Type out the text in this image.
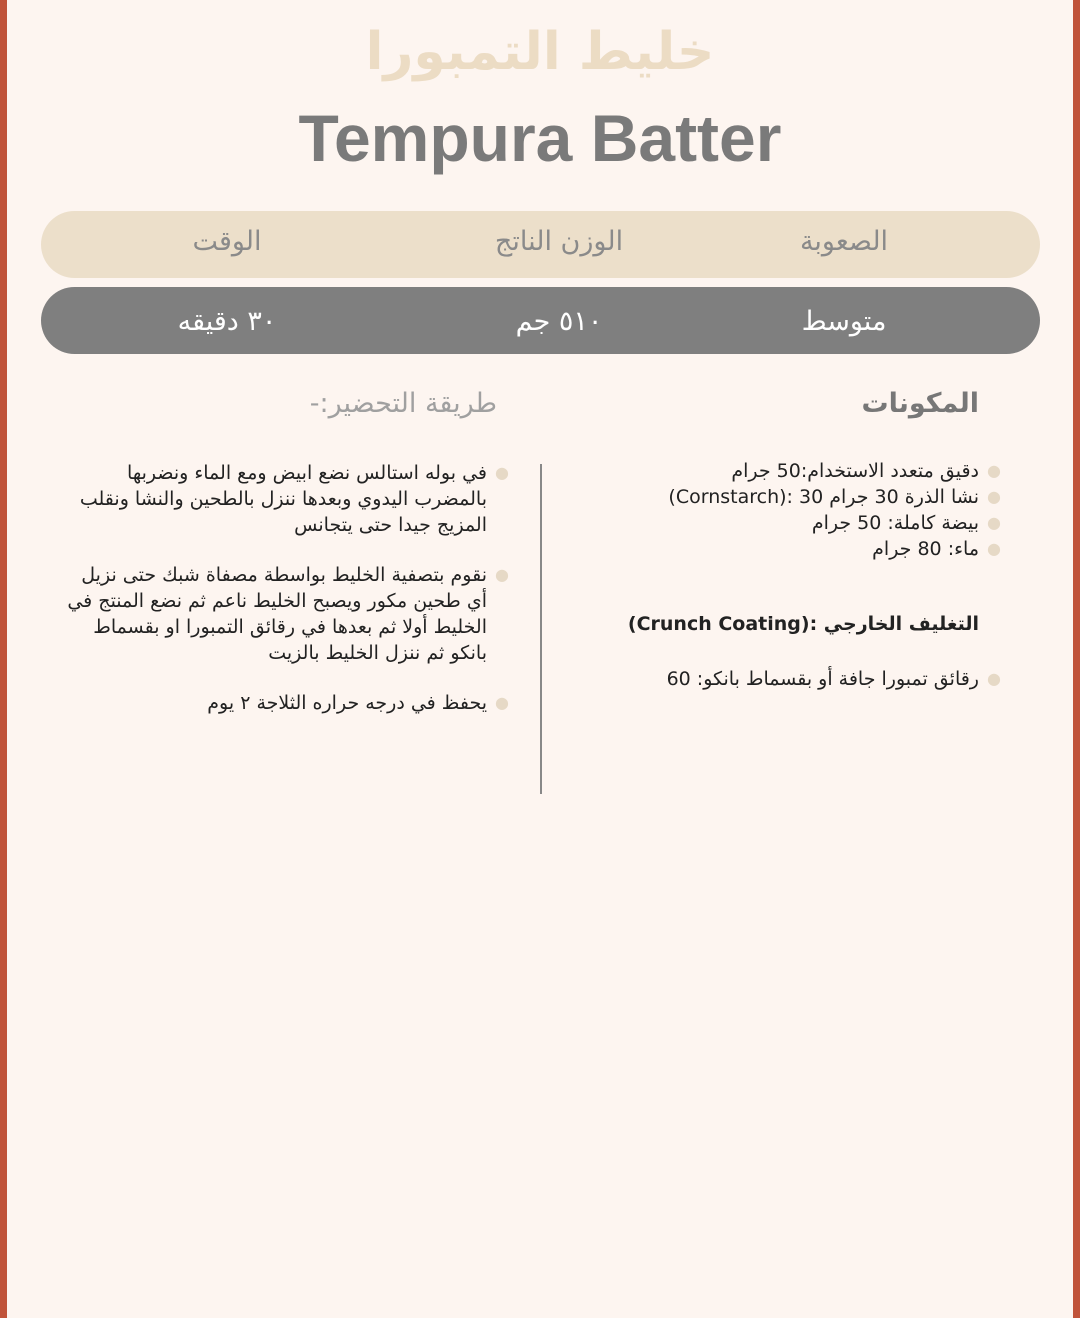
خليط التمبورا
Tempura Batter
الصعوبة
الوزن الناتج
الوقت
متوسط
٥١٠ جم
٣٠ دقيقه
المكونات
طريقة التحضير:-
●
دقيق متعدد الاستخدام:50 جرام
●
نشا الذرة 30 جرام 30 :(Cornstarch)
●
بيضة كاملة: 50 جرام
●
ماء: 80 جرام
التغليف الخارجي :(Crunch Coating)
●
رقائق تمبورا جافة أو بقسماط بانكو: 60
●
في بوله استالس نضع ابيض ومع الماء ونضربها بالمضرب اليدوي وبعدها ننزل بالطحين والنشا ونقلب المزيج جيدا حتى يتجانس
●
نقوم بتصفية الخليط بواسطة مصفاة شبك حتى نزيل أي طحين مكور ويصبح الخليط ناعم ثم نضع المنتج في الخليط أولا ثم بعدها في رقائق التمبورا او بقسماط بانكو ثم ننزل الخليط بالزيت
●
يحفظ في درجه حراره الثلاجة ٢ يوم
